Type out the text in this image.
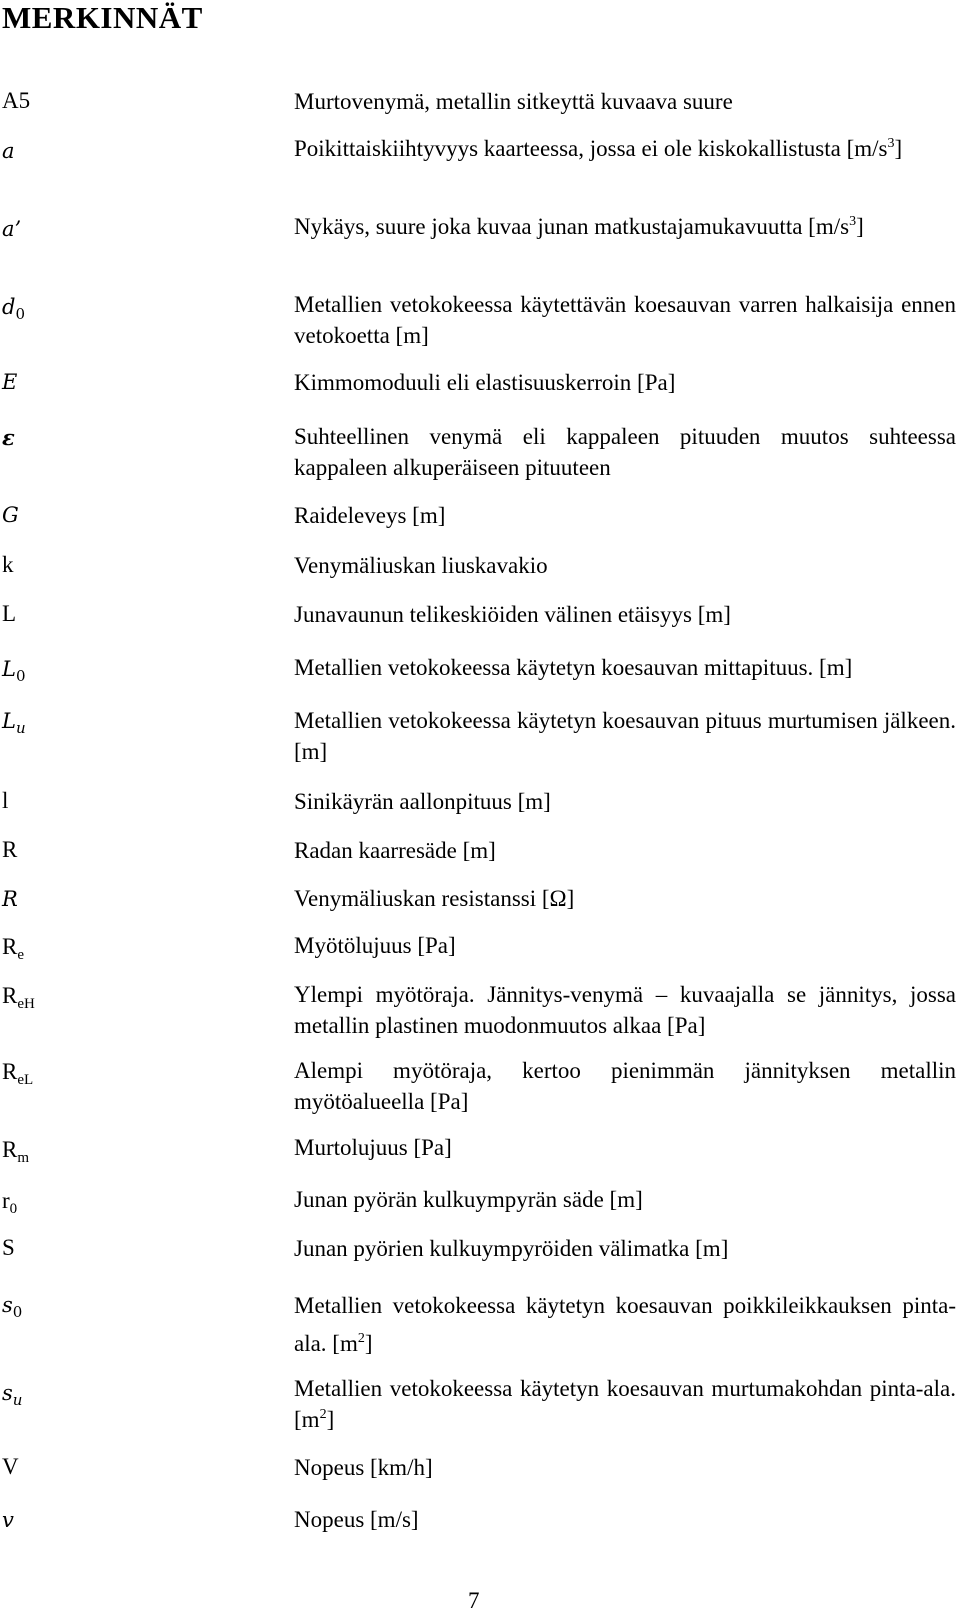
MERKINNÄT
A5	Murtovenymä, metallin sitkeyttä kuvaava suure
a	Poikittaiskiihtyvyys kaarteessa, jossa ei ole kiskokallistusta $[m/s^3]$
a’	Nykäys, suure joka kuvaa junan matkustajamukavuutta $[m/s^3]$
$d_0$	Metallien vetokokeessa käytettävän koesauvan varren halkaisija ennen vetokoetta [m]
E	Kimmomoduuli eli elastisuuskerroin [Pa]
ε	Suhteellinen venymä eli kappaleen pituuden muutos suhteessa kappaleen alkuperäiseen pituuteen
G	Raideleveys [m]
k	Venymäliuskan liuskavakio
L	Junavaunun telikeskiöiden välinen etäisyys [m]
$L_0$	Metallien vetokokeessa käytetyn koesauvan mittapituus. [m]
$L_u$	Metallien vetokokeessa käytetyn koesauvan pituus murtumisen jälkeen. [m]
l	Sinikäyrän aallonpituus [m]
R	Radan kaarresäde [m]
R	Venymäliuskan resistanssi [Ω]
$R_e$	Myötölujuus [Pa]
$R_{eH}$	Ylempi myötöraja. Jännitys-venymä – kuvaajalla se jännitys, jossa metallin plastinen muodonmuutos alkaa [Pa]
$R_{eL}$	Alempi myötöraja, kertoo pienimmän jännityksen metallin myötöalueella [Pa]
$R_m$	Murtolujuus [Pa]
$r_0$	Junan pyörän kulkuympyrän säde [m]
S	Junan pyörien kulkuympyröiden välimatka [m]
$s_0$	Metallien vetokokeessa käytetyn koesauvan poikkileikkauksen pinta-ala. $[m^2]$
$s_u$	Metallien vetokokeessa käytetyn koesauvan murtumakohdan pinta-ala. $[m^2]$
V	Nopeus [km/h]
v	Nopeus [m/s]
7
